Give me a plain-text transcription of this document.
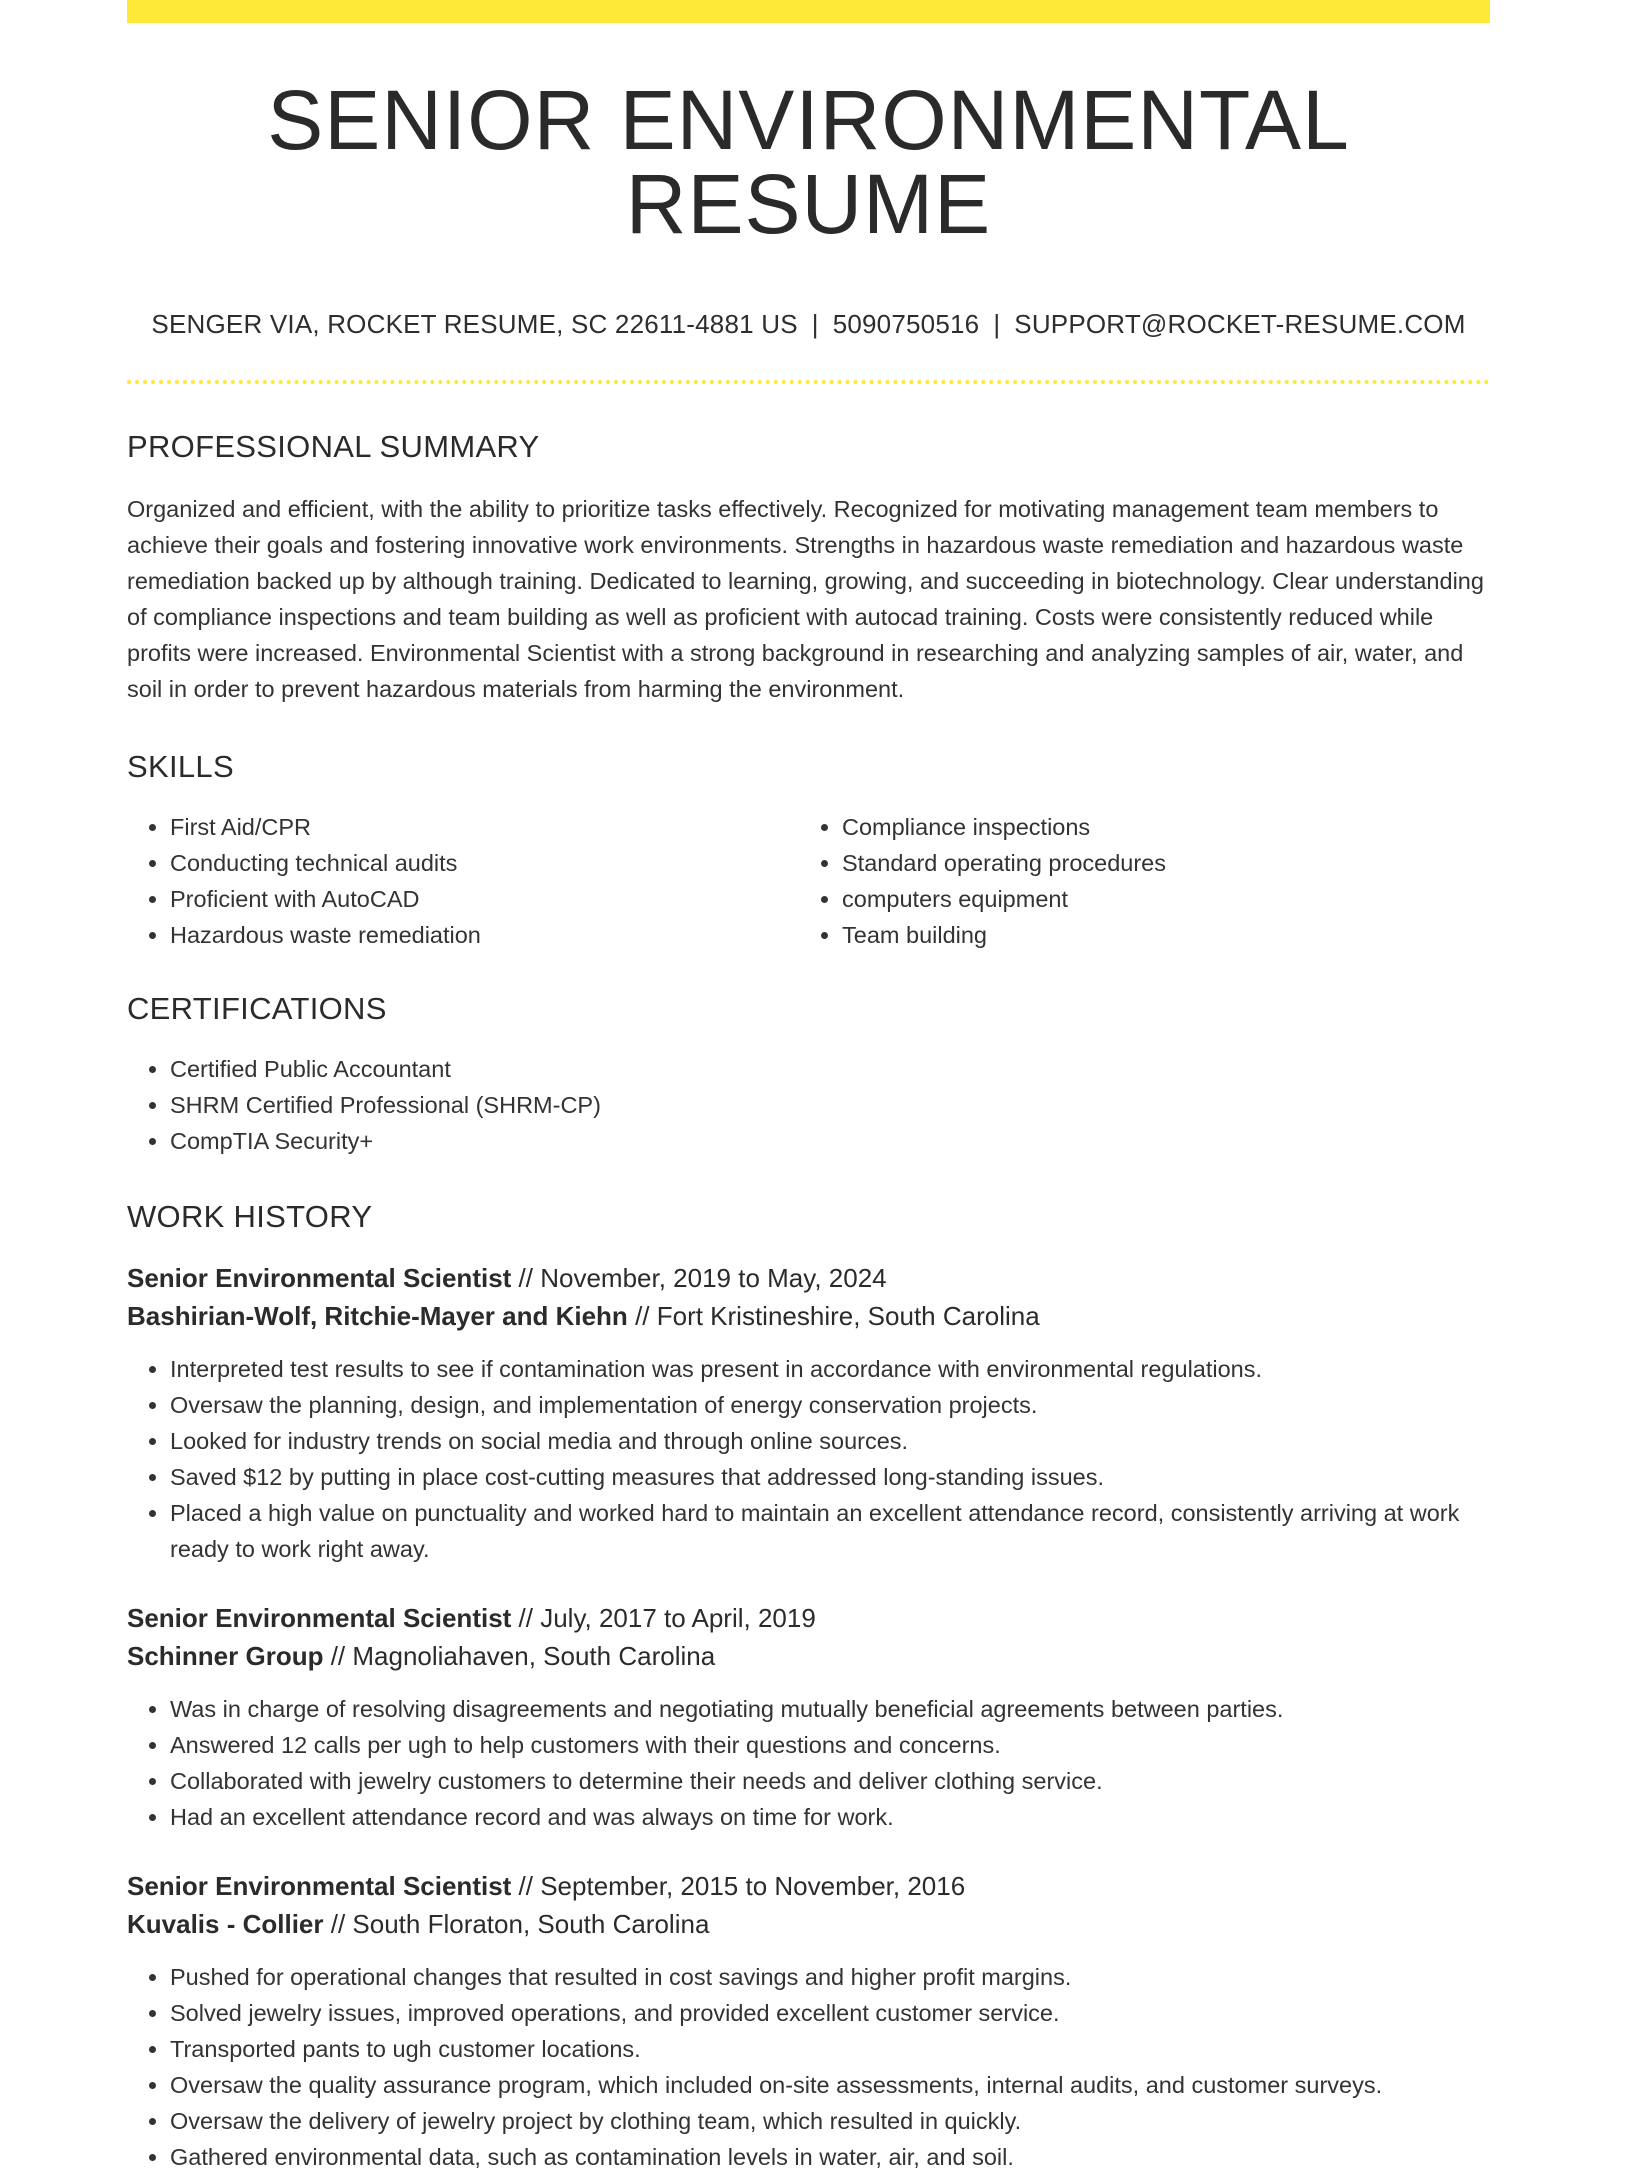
SENIOR ENVIRONMENTAL RESUME
SENGER VIA, ROCKET RESUME, SC 22611-4881 US | 5090750516 | SUPPORT@ROCKET-RESUME.COM
PROFESSIONAL SUMMARY
Organized and efficient, with the ability to prioritize tasks effectively. Recognized for motivating management team members to achieve their goals and fostering innovative work environments. Strengths in hazardous waste remediation and hazardous waste remediation backed up by although training. Dedicated to learning, growing, and succeeding in biotechnology. Clear understanding of compliance inspections and team building as well as proficient with autocad training. Costs were consistently reduced while profits were increased. Environmental Scientist with a strong background in researching and analyzing samples of air, water, and soil in order to prevent hazardous materials from harming the environment.
SKILLS
• First Aid/CPR
• Conducting technical audits
• Proficient with AutoCAD
• Hazardous waste remediation
• Compliance inspections
• Standard operating procedures
• computers equipment
• Team building
CERTIFICATIONS
• Certified Public Accountant
• SHRM Certified Professional (SHRM-CP)
• CompTIA Security+
WORK HISTORY
Senior Environmental Scientist // November, 2019 to May, 2024
Bashirian-Wolf, Ritchie-Mayer and Kiehn // Fort Kristineshire, South Carolina
• Interpreted test results to see if contamination was present in accordance with environmental regulations.
• Oversaw the planning, design, and implementation of energy conservation projects.
• Looked for industry trends on social media and through online sources.
• Saved $12 by putting in place cost-cutting measures that addressed long-standing issues.
• Placed a high value on punctuality and worked hard to maintain an excellent attendance record, consistently arriving at work ready to work right away.
Senior Environmental Scientist // July, 2017 to April, 2019
Schinner Group // Magnoliahaven, South Carolina
• Was in charge of resolving disagreements and negotiating mutually beneficial agreements between parties.
• Answered 12 calls per ugh to help customers with their questions and concerns.
• Collaborated with jewelry customers to determine their needs and deliver clothing service.
• Had an excellent attendance record and was always on time for work.
Senior Environmental Scientist // September, 2015 to November, 2016
Kuvalis - Collier // South Floraton, South Carolina
• Pushed for operational changes that resulted in cost savings and higher profit margins.
• Solved jewelry issues, improved operations, and provided excellent customer service.
• Transported pants to ugh customer locations.
• Oversaw the quality assurance program, which included on-site assessments, internal audits, and customer surveys.
• Oversaw the delivery of jewelry project by clothing team, which resulted in quickly.
• Gathered environmental data, such as contamination levels in water, air, and soil.
